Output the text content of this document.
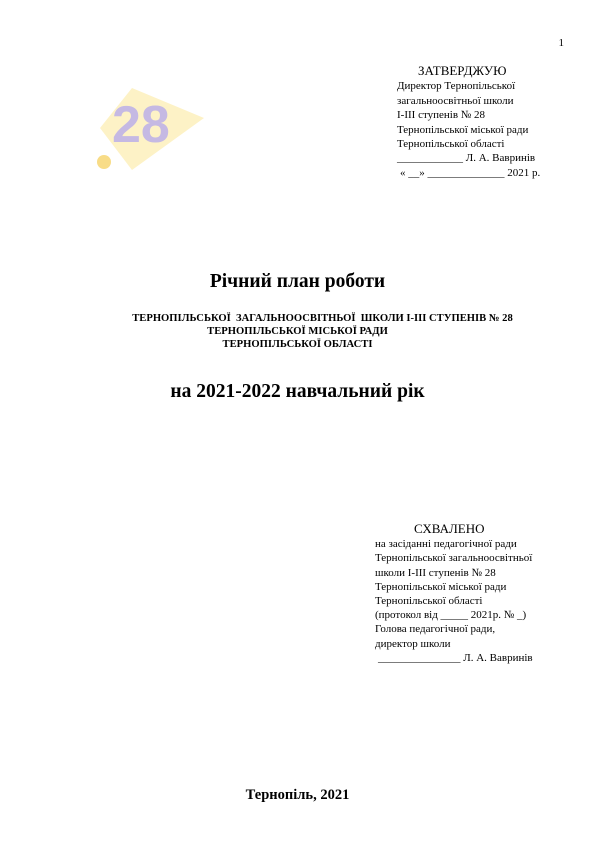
1
28
ЗАТВЕРДЖУЮ
Директор Тернопільської
загальноосвітньої школи
І-ІІІ ступенів № 28
Тернопільської міської ради
Тернопільської області
____________ Л. А. Вавринів
« __» ______________ 2021 р.
Річний план роботи
ТЕРНОПІЛЬСЬКОЇ  ЗАГАЛЬНООСВІТНЬОЇ  ШКОЛИ І-ІІІ СТУПЕНІВ № 28
ТЕРНОПІЛЬСЬКОЇ МІСЬКОЇ РАДИ
ТЕРНОПІЛЬСЬКОЇ ОБЛАСТІ
на 2021-2022 навчальний рік
СХВАЛЕНО
на засіданні педагогічної ради
Тернопільської загальноосвітньої
школи І-ІІІ ступенів № 28
Тернопільської міської ради
Тернопільської області
(протокол від _____ 2021р. № _)
Голова педагогічної ради,
директор школи
_______________ Л. А. Вавринів
Тернопіль, 2021
